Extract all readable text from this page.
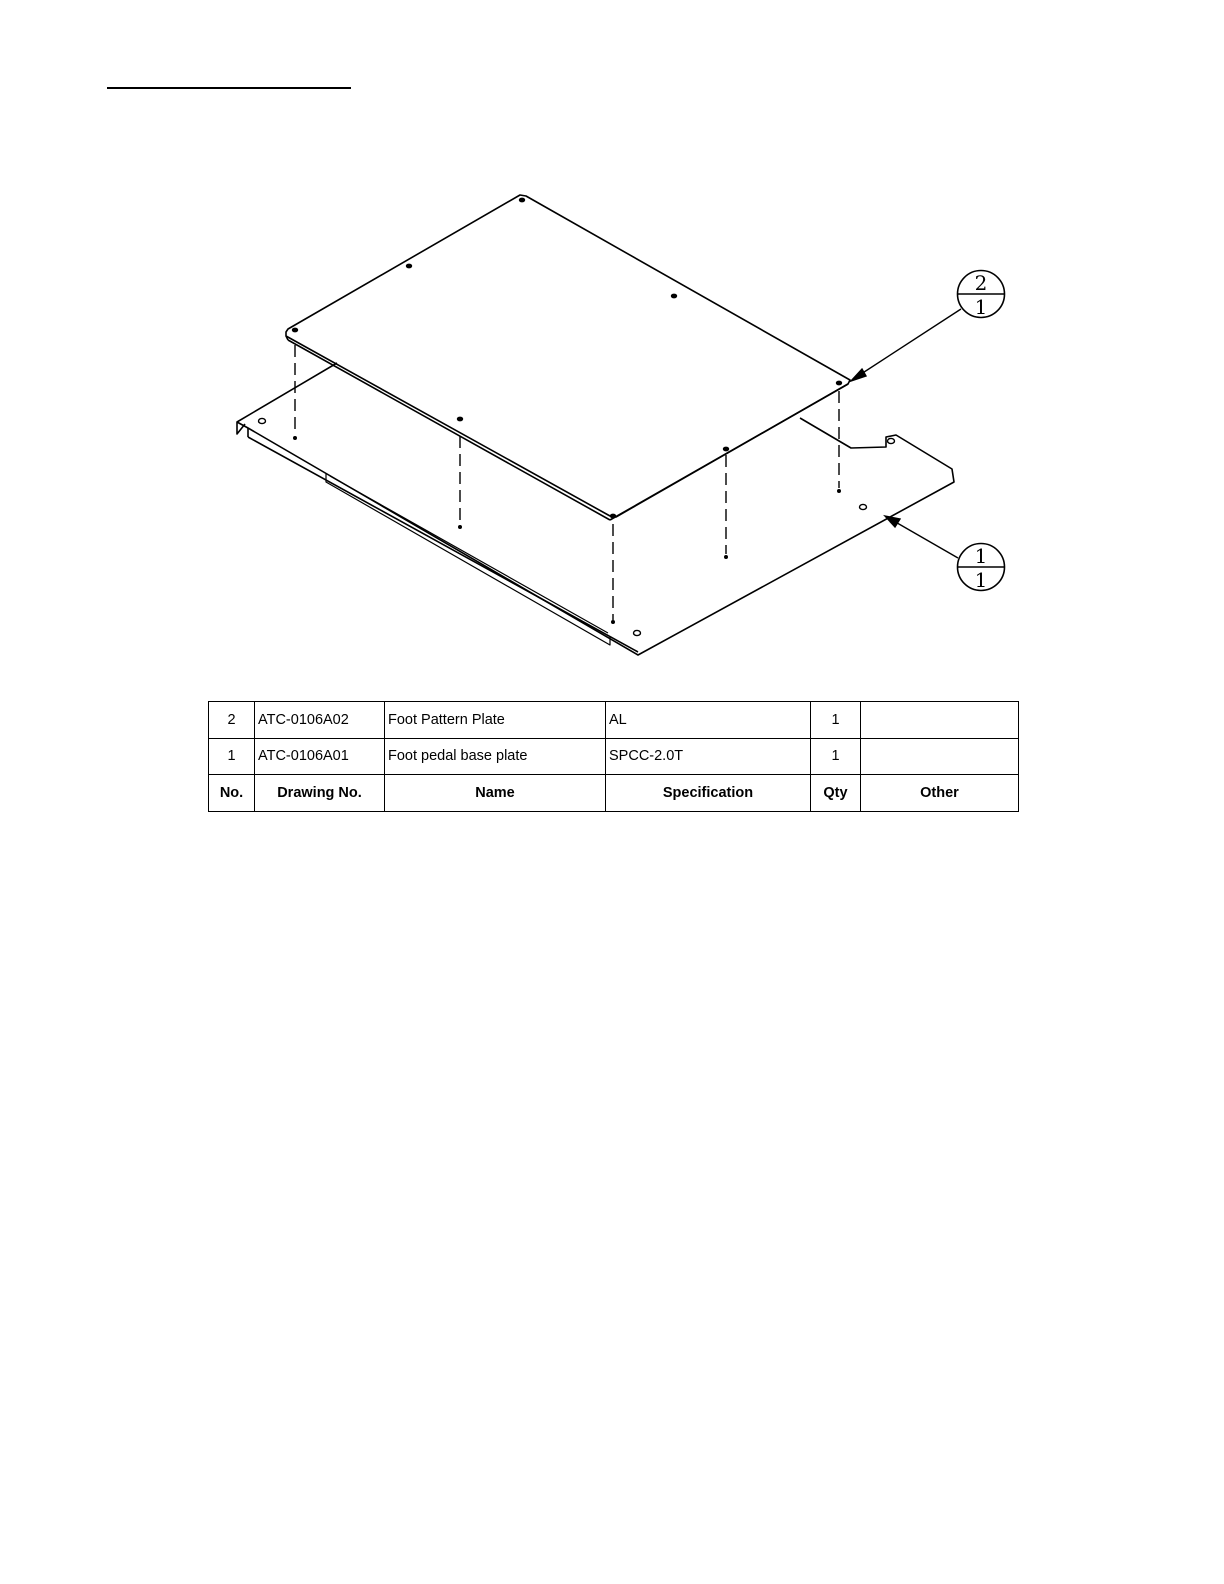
2
1
1
1
2	ATC-0106A02	Foot Pattern Plate	AL	1	
1	ATC-0106A01	Foot pedal base plate	SPCC-2.0T	1	
No.	Drawing No.	Name	Specification	Qty	Other
